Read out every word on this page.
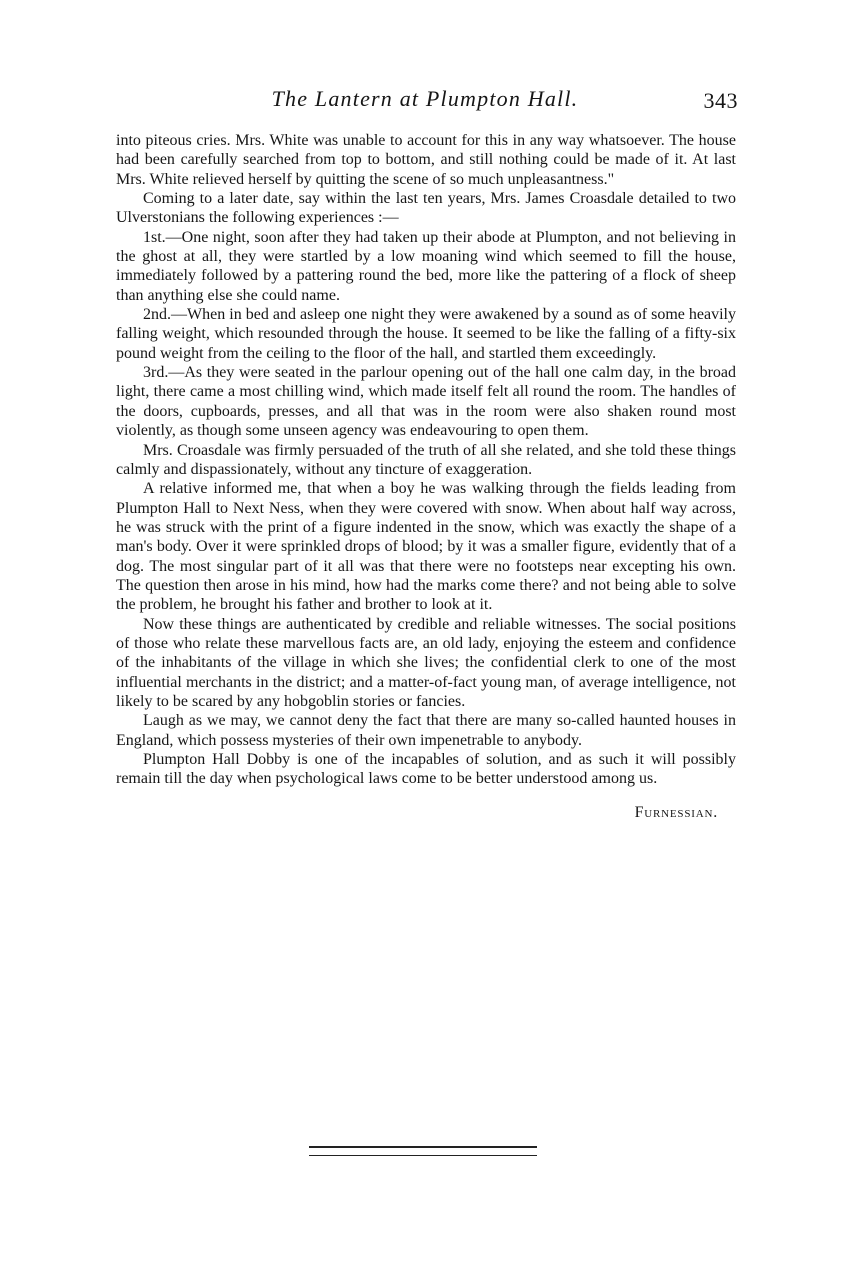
The Lantern at Plumpton Hall.	343

into piteous cries. Mrs. White was unable to account for this in any way whatsoever. The house had been carefully searched from top to bottom, and still nothing could be made of it. At last Mrs. White relieved herself by quitting the scene of so much unpleasantness."

Coming to a later date, say within the last ten years, Mrs. James Croasdale detailed to two Ulverstonians the following experiences :—

1st.—One night, soon after they had taken up their abode at Plumpton, and not believing in the ghost at all, they were startled by a low moaning wind which seemed to fill the house, immediately followed by a pattering round the bed, more like the pattering of a flock of sheep than anything else she could name.

2nd.—When in bed and asleep one night they were awakened by a sound as of some heavily falling weight, which resounded through the house. It seemed to be like the falling of a fifty-six pound weight from the ceiling to the floor of the hall, and startled them exceedingly.

3rd.—As they were seated in the parlour opening out of the hall one calm day, in the broad light, there came a most chilling wind, which made itself felt all round the room. The handles of the doors, cupboards, presses, and all that was in the room were also shaken round most violently, as though some unseen agency was endeavouring to open them.

Mrs. Croasdale was firmly persuaded of the truth of all she related, and she told these things calmly and dispassionately, without any tincture of exaggeration.

A relative informed me, that when a boy he was walking through the fields leading from Plumpton Hall to Next Ness, when they were covered with snow. When about half way across, he was struck with the print of a figure indented in the snow, which was exactly the shape of a man's body. Over it were sprinkled drops of blood; by it was a smaller figure, evidently that of a dog. The most singular part of it all was that there were no footsteps near excepting his own. The question then arose in his mind, how had the marks come there? and not being able to solve the problem, he brought his father and brother to look at it.

Now these things are authenticated by credible and reliable witnesses. The social positions of those who relate these marvellous facts are, an old lady, enjoying the esteem and confidence of the inhabitants of the village in which she lives; the confidential clerk to one of the most influential merchants in the district; and a matter-of-fact young man, of average intelligence, not likely to be scared by any hobgoblin stories or fancies.

Laugh as we may, we cannot deny the fact that there are many so-called haunted houses in England, which possess mysteries of their own impenetrable to anybody.

Plumpton Hall Dobby is one of the incapables of solution, and as such it will possibly remain till the day when psychological laws come to be better understood among us.

Furnessian.
